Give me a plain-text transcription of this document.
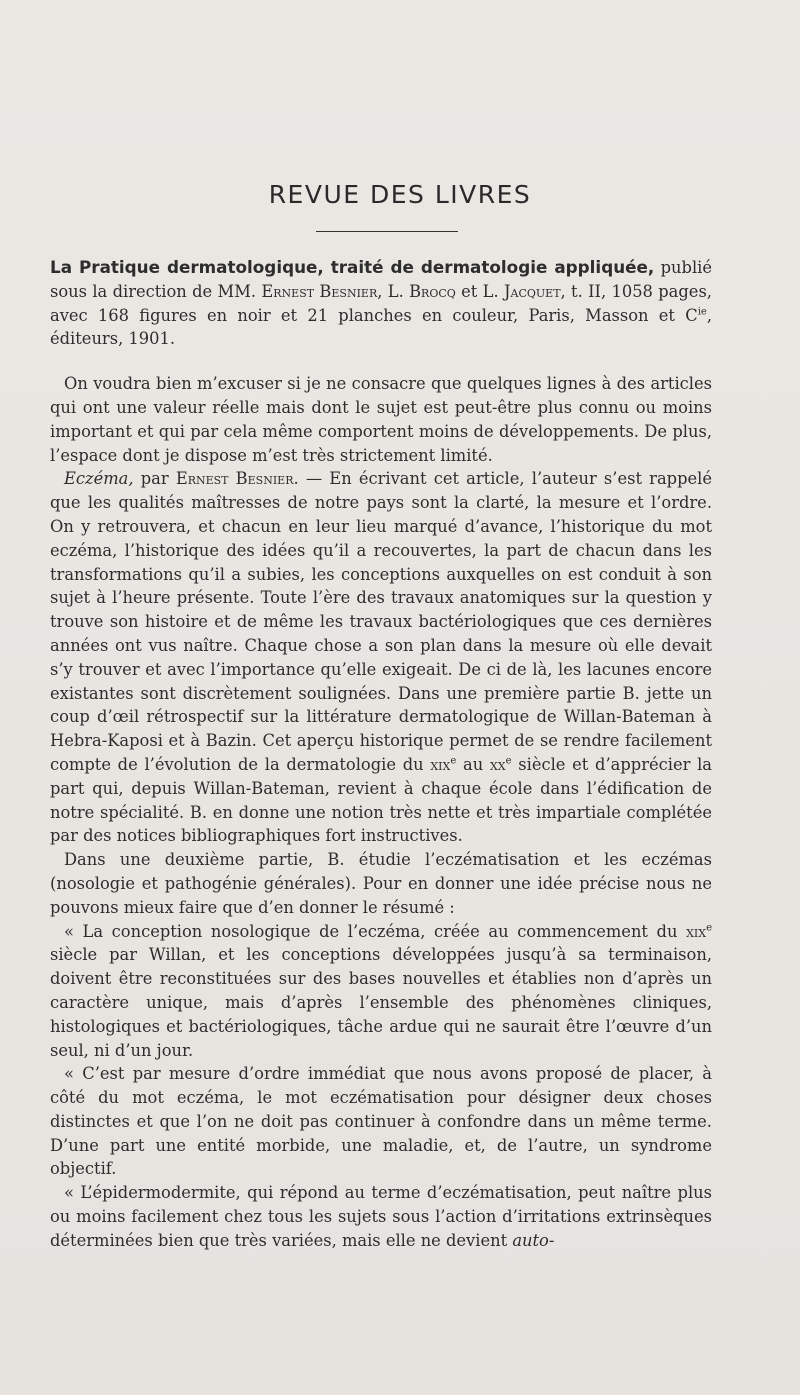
REVUE DES LIVRES

La Pratique dermatologique, traité de dermatologie appliquée, publié sous la direction de MM. Ernest Besnier, L. Brocq et L. Jacquet, t. II, 1058 pages, avec 168 figures en noir et 21 planches en couleur, Paris, Masson et $C^{ie}$, éditeurs, 1901.

On voudra bien m’excuser si je ne consacre que quelques lignes à des articles qui ont une valeur réelle mais dont le sujet est peut-être plus connu ou moins important et qui par cela même comportent moins de développements. De plus, l’espace dont je dispose m’est très strictement limité.

Eczéma, par Ernest Besnier. — En écrivant cet article, l’auteur s’est rappelé que les qualités maîtresses de notre pays sont la clarté, la mesure et l’ordre. On y retrouvera, et chacun en leur lieu marqué d’avance, l’historique du mot eczéma, l’historique des idées qu’il a recouvertes, la part de chacun dans les transformations qu’il a subies, les conceptions auxquelles on est conduit à son sujet à l’heure présente. Toute l’ère des travaux anatomiques sur la question y trouve son histoire et de même les travaux bactériologiques que ces dernières années ont vus naître. Chaque chose a son plan dans la mesure où elle devait s’y trouver et avec l’importance qu’elle exigeait. De ci de là, les lacunes encore existantes sont discrètement soulignées. Dans une première partie B. jette un coup d’œil rétrospectif sur la littérature dermatologique de Willan-Bateman à Hebra-Kaposi et à Bazin. Cet aperçu historique permet de se rendre facilement compte de l’évolution de la dermatologie du xix$^e$ au $xx^e$ siècle et d’apprécier la part qui, depuis Willan-Bateman, revient à chaque école dans l’édification de notre spécialité. B. en donne une notion très nette et très impartiale complétée par des notices bibliographiques fort instructives.

Dans une deuxième partie, B. étudie l’eczématisation et les eczémas (nosologie et pathogénie générales). Pour en donner une idée précise nous ne pouvons mieux faire que d’en donner le résumé :

« La conception nosologique de l’eczéma, créée au commencement du xix$^e$ siècle par Willan, et les conceptions développées jusqu’à sa terminaison, doivent être reconstituées sur des bases nouvelles et établies non d’après un caractère unique, mais d’après l’ensemble des phénomènes cliniques, histologiques et bactériologiques, tâche ardue qui ne saurait être l’œuvre d’un seul, ni d’un jour.

« C’est par mesure d’ordre immédiat que nous avons proposé de placer, à côté du mot eczéma, le mot eczématisation pour désigner deux choses distinctes et que l’on ne doit pas continuer à confondre dans un même terme. D’une part une entité morbide, une maladie, et, de l’autre, un syndrome objectif.

« L’épidermodermite, qui répond au terme d’eczématisation, peut naître plus ou moins facilement chez tous les sujets sous l’action d’irritations extrinsèques déterminées bien que très variées, mais elle ne devient auto-
